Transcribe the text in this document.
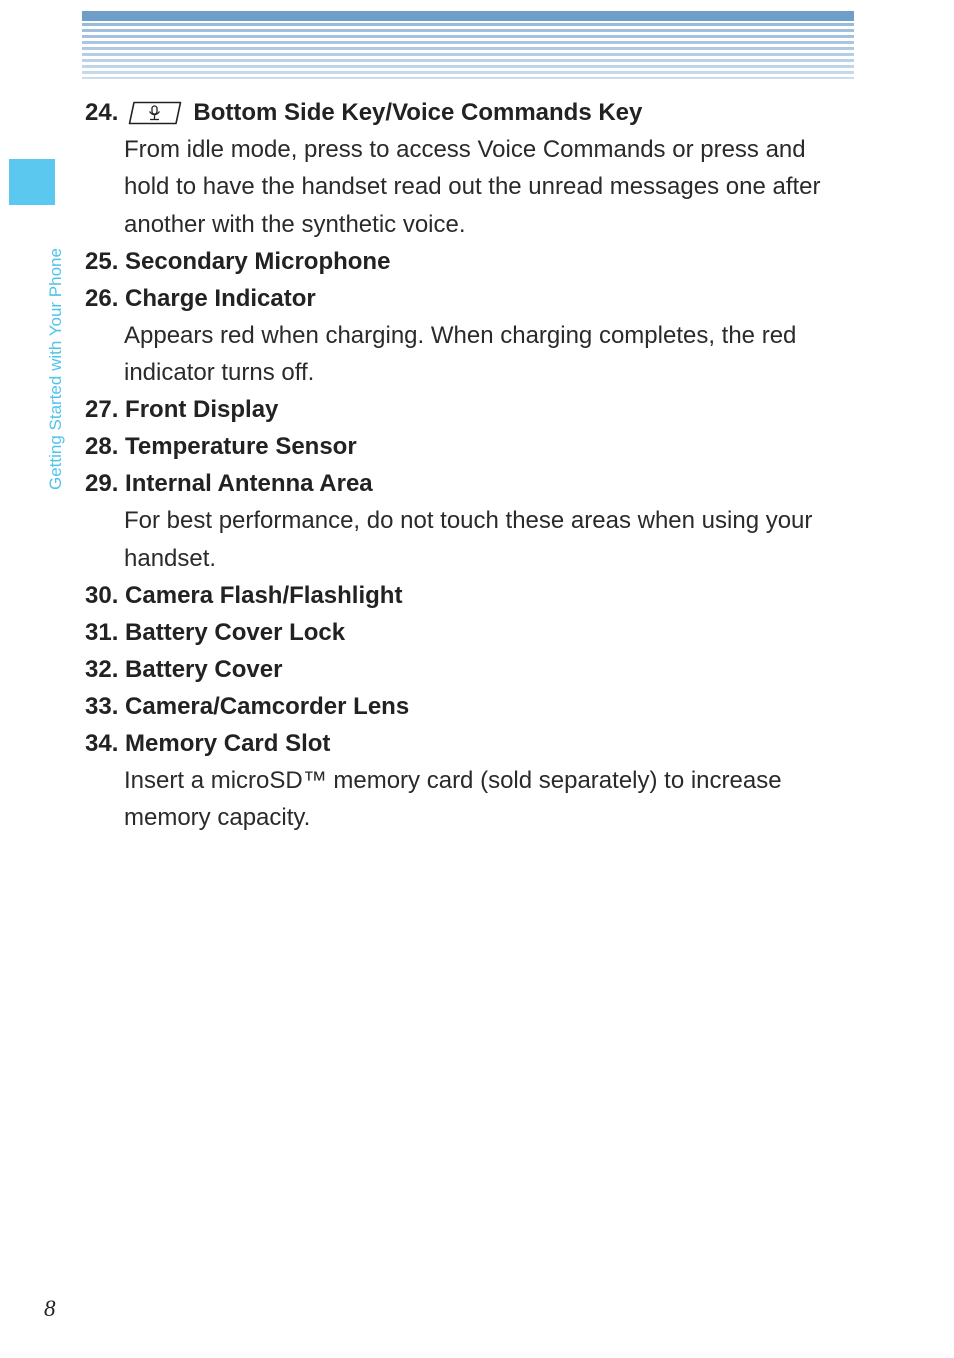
Getting Started with Your Phone
24.	Bottom Side Key/Voice Commands Key
From idle mode, press to access Voice Commands or press and hold to have the handset read out the unread messages one after another with the synthetic voice.
25.
Secondary Microphone
26.
Charge Indicator
Appears red when charging. When charging completes, the red indicator turns off.
27.
Front Display
28.
Temperature Sensor
29.
Internal Antenna Area
For best performance, do not touch these areas when using your handset.
30.
Camera Flash/Flashlight
31.
Battery Cover Lock
32.
Battery Cover
33.
Camera/Camcorder Lens
34.
Memory Card Slot
Insert a microSD™ memory card (sold separately) to increase memory capacity.
8
